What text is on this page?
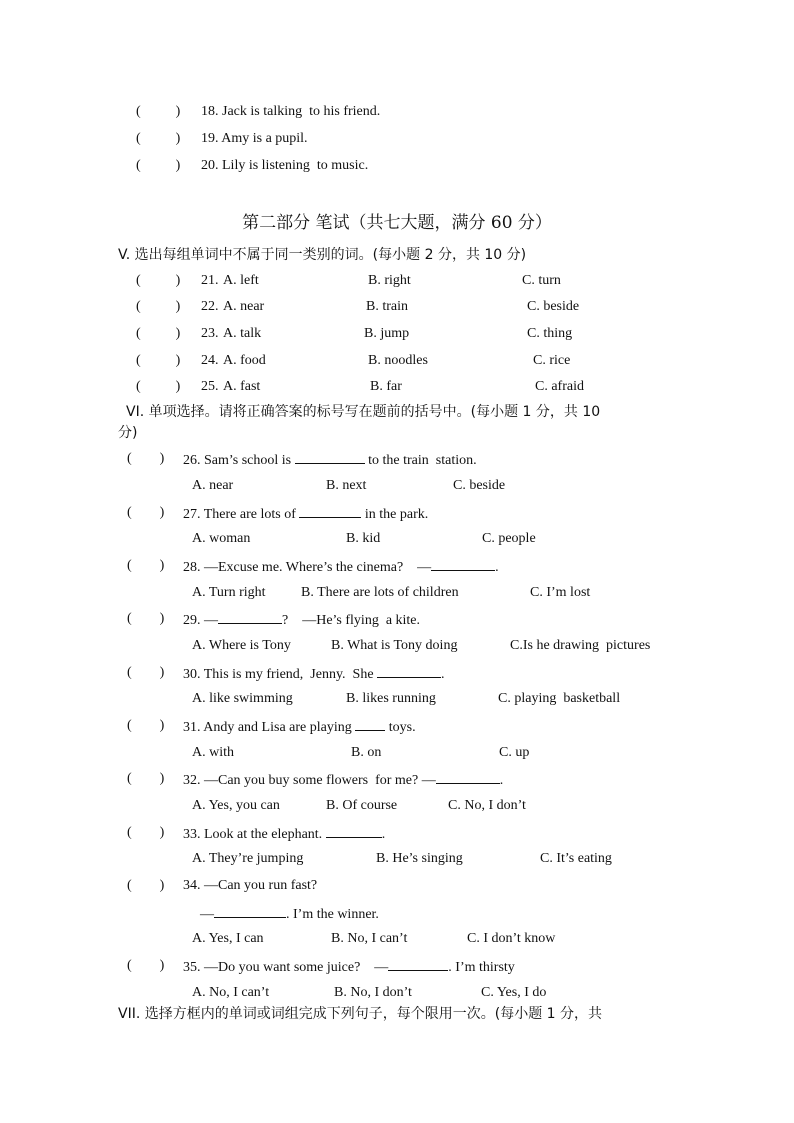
(          ) 18. Jack is talking  to his friend.
(          ) 19. Amy is a pupil.
(          ) 20. Lily is listening  to music.
第二部分 笔试（共七大题，满分 60 分）
V. 选出每组单词中不属于同一类别的词。(每小题 2 分，共 10 分)
(          ) 21. A. left	B. right	C. turn
(          ) 22. A. near	B. train	C. beside
(          ) 23. A. talk	B. jump	C. thing
(          ) 24. A. food	B. noodles	C. rice
(          ) 25. A. fast	B. far	C. afraid
VI. 单项选择。请将正确答案的标号写在题前的括号中。(每小题 1 分，共 10
分)
(        ) 26. Sam’s school is	to the train  station.
A. near	B. next	C. beside
(        ) 27. There are lots of	in the park.
A. woman	B. kid	C. people
(        ) 28. —Excuse me. Where’s the cinema?    —	.
A. Turn right	B. There are lots of children	C. I’m lost
(        ) 29. —	?    —He’s flying  a kite.
A. Where is Tony	B. What is Tony doing	C.Is he drawing  pictures
(        ) 30. This is my friend,  Jenny.  She	.
A. like swimming	B. likes running	C. playing  basketball
(        ) 31. Andy and Lisa are playing	toys.
A. with	B. on	C. up
(        ) 32. —Can you buy some flowers  for me? —	.
A. Yes, you can	B. Of course	C. No, I don’t
(        ) 33. Look at the elephant.	.
A. They’re jumping	B. He’s singing	C. It’s eating
(        ) 34. —Can you run fast?
—	. I’m the winner.
A. Yes, I can	B. No, I can’t	C. I don’t know
(        ) 35. —Do you want some juice?    —	. I’m thirsty
A. No, I can’t	B. No, I don’t	C. Yes, I do
VII. 选择方框内的单词或词组完成下列句子，每个限用一次。(每小题 1 分，共
